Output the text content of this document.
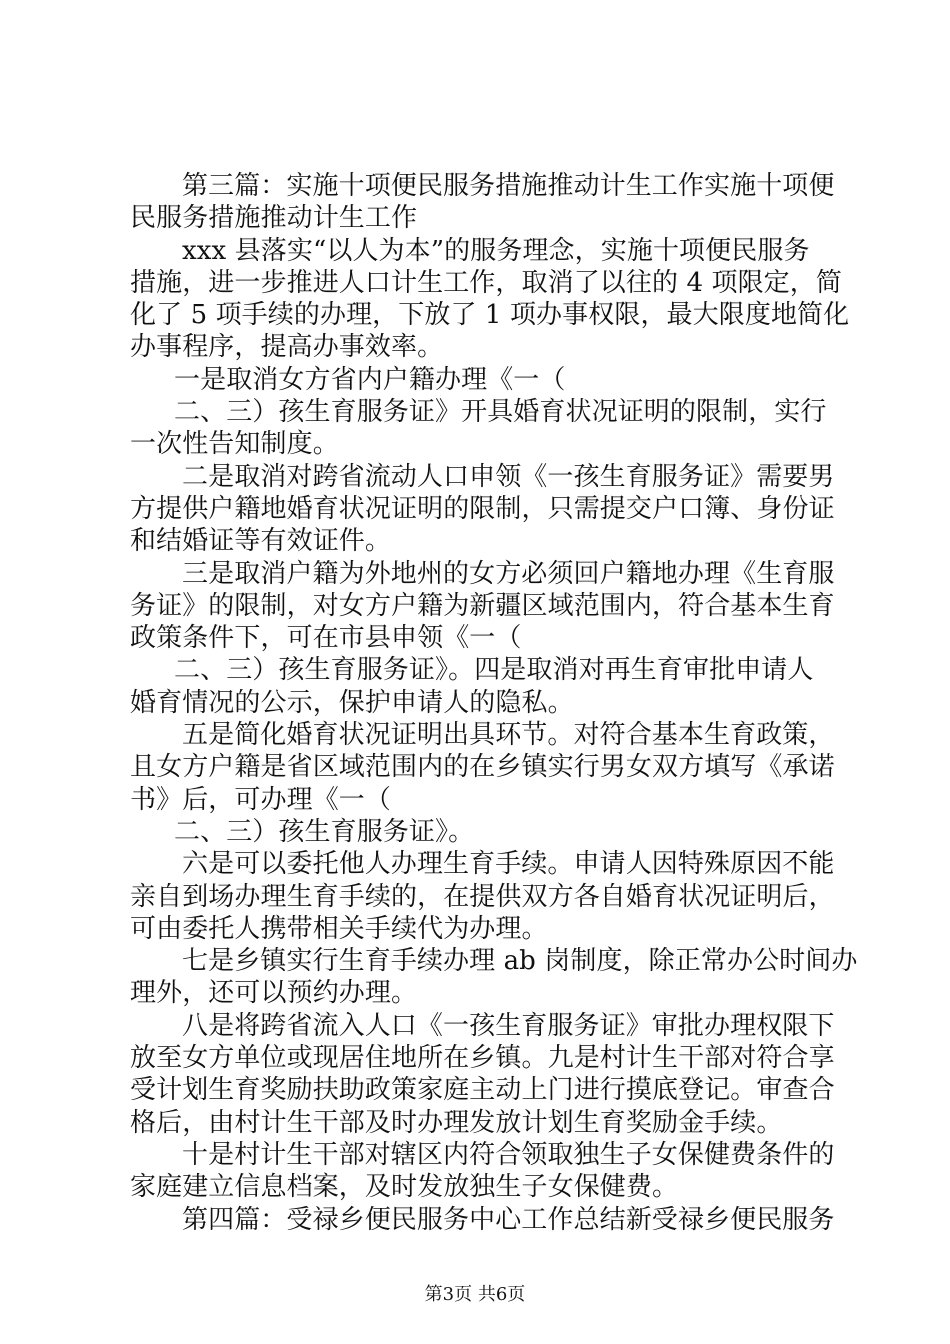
第三篇：实施十项便民服务措施推动计生工作实施十项便
民服务措施推动计生工作
xxx 县落实“以人为本”的服务理念，实施十项便民服务
措施，进一步推进人口计生工作，取消了以往的 4 项限定，简
化了 5 项手续的办理，下放了 1 项办事权限，最大限度地简化
办事程序，提高办事效率。
一是取消女方省内户籍办理《一（
二、三）孩生育服务证》开具婚育状况证明的限制，实行
一次性告知制度。
二是取消对跨省流动人口申领《一孩生育服务证》需要男
方提供户籍地婚育状况证明的限制，只需提交户口簿、身份证
和结婚证等有效证件。
三是取消户籍为外地州的女方必须回户籍地办理《生育服
务证》的限制，对女方户籍为新疆区域范围内，符合基本生育
政策条件下，可在市县申领《一（
二、三）孩生育服务证》。四是取消对再生育审批申请人
婚育情况的公示，保护申请人的隐私。
五是简化婚育状况证明出具环节。对符合基本生育政策，
且女方户籍是省区域范围内的在乡镇实行男女双方填写《承诺
书》后，可办理《一（
二、三）孩生育服务证》。
六是可以委托他人办理生育手续。申请人因特殊原因不能
亲自到场办理生育手续的，在提供双方各自婚育状况证明后，
可由委托人携带相关手续代为办理。
七是乡镇实行生育手续办理 ab 岗制度，除正常办公时间办
理外，还可以预约办理。
八是将跨省流入人口《一孩生育服务证》审批办理权限下
放至女方单位或现居住地所在乡镇。九是村计生干部对符合享
受计划生育奖励扶助政策家庭主动上门进行摸底登记。审查合
格后，由村计生干部及时办理发放计划生育奖励金手续。
十是村计生干部对辖区内符合领取独生子女保健费条件的
家庭建立信息档案，及时发放独生子女保健费。
第四篇：受禄乡便民服务中心工作总结新受禄乡便民服务
第3页 共6页
